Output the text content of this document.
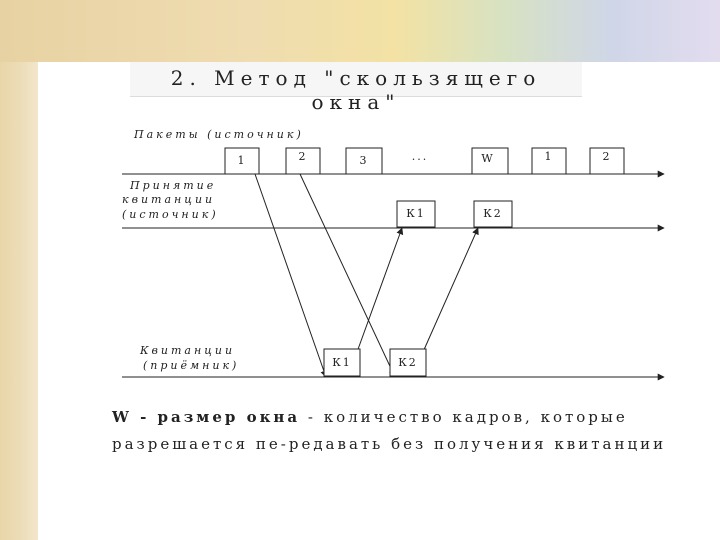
2. Метод "скользящего окна"
Пакеты (источник)
Принятие
квитанции
(источник)
Квитанции
(приёмник)
1	2	3	...	W	1	2
К1	К2
К1	К2
W - размер окна - количество кадров, которые разрешается пе-редавать без получения квитанции
